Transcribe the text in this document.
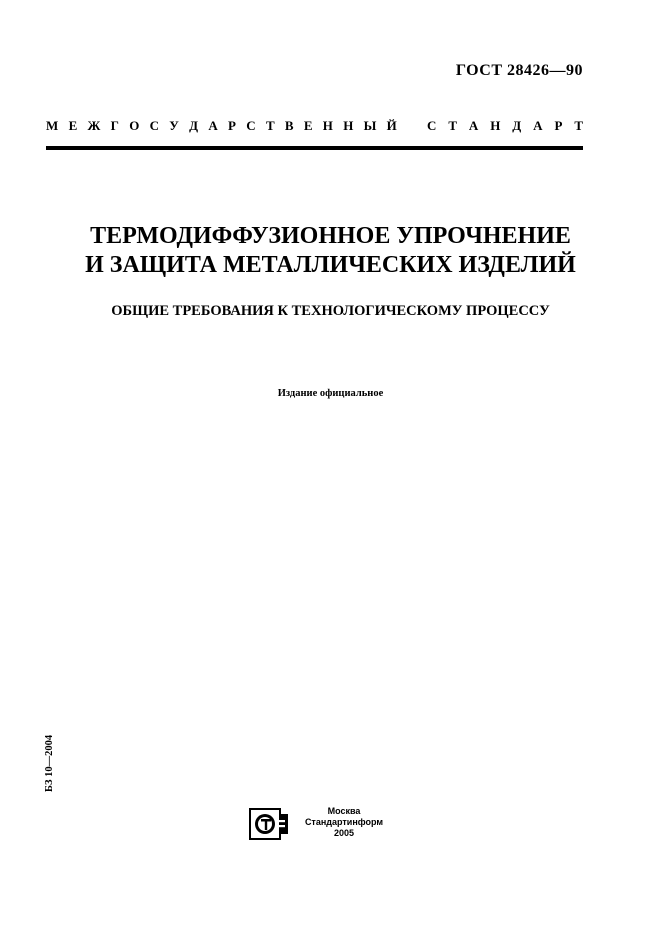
ГОСТ 28426—90
М Е Ж Г О С У Д А Р С Т В Е Н Н Ы Й С Т А Н Д А Р Т
ТЕРМОДИФФУЗИОННОЕ УПРОЧНЕНИЕ
И ЗАЩИТА МЕТАЛЛИЧЕСКИХ ИЗДЕЛИЙ
ОБЩИЕ ТРЕБОВАНИЯ К ТЕХНОЛОГИЧЕСКОМУ ПРОЦЕССУ
Издание официальное
БЗ 10—2004
Москва
Стандартинформ
2005
